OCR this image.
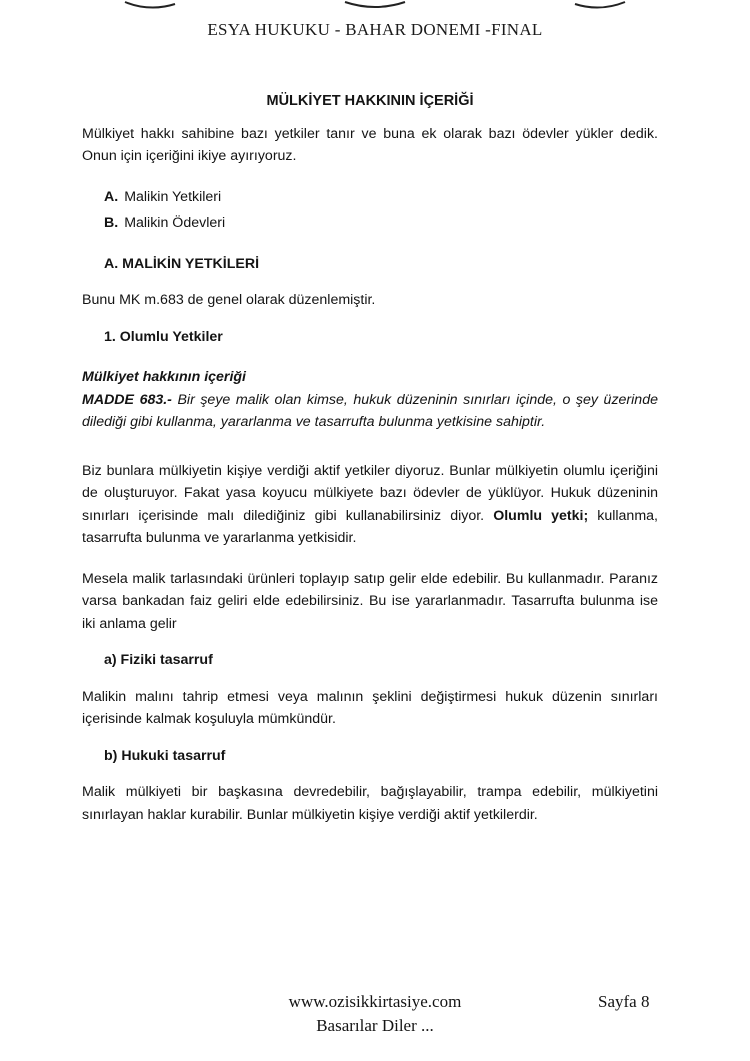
ESYA HUKUKU - BAHAR DONEMI -FINAL
MÜLKİYET HAKKININ İÇERİĞİ

Mülkiyet hakkı sahibine bazı yetkiler tanır ve buna ek olarak bazı ödevler yükler dedik. Onun için içeriğini ikiye ayırıyoruz.

A. Malikin Yetkileri
B. Malikin Ödevleri
A. MALİKİN YETKİLERİ

Bunu MK m.683 de genel olarak düzenlemiştir.

1. Olumlu Yetkiler
Mülkiyet hakkının içeriği

MADDE 683.- Bir şeye malik olan kimse, hukuk düzeninin sınırları içinde, o şey üzerinde dilediği gibi kullanma, yararlanma ve tasarrufta bulunma yetkisine sahiptir.

Biz bunlara mülkiyetin kişiye verdiği aktif yetkiler diyoruz. Bunlar mülkiyetin olumlu içeriğini de oluşturuyor. Fakat yasa koyucu mülkiyete bazı ödevler de yüklüyor. Hukuk düzeninin sınırları içerisinde malı dilediğiniz gibi kullanabilirsiniz diyor. Olumlu yetki; kullanma, tasarrufta bulunma ve yararlanma yetkisidir.

Mesela malik tarlasındaki ürünleri toplayıp satıp gelir elde edebilir. Bu kullanmadır. Paranız varsa bankadan faiz geliri elde edebilirsiniz. Bu ise yararlanmadır. Tasarrufta bulunma ise iki anlama gelir

a) Fiziki tasarruf

Malikin malını tahrip etmesi veya malının şeklini değiştirmesi hukuk düzenin sınırları içerisinde kalmak koşuluyla mümkündür.

b) Hukuki tasarruf

Malik mülkiyeti bir başkasına devredebilir, bağışlayabilir, trampa edebilir, mülkiyetini sınırlayan haklar kurabilir. Bunlar mülkiyetin kişiye verdiği aktif yetkilerdir.

www.ozisikkirtasiye.com
Basarılar Diler ...
Sayfa 8
